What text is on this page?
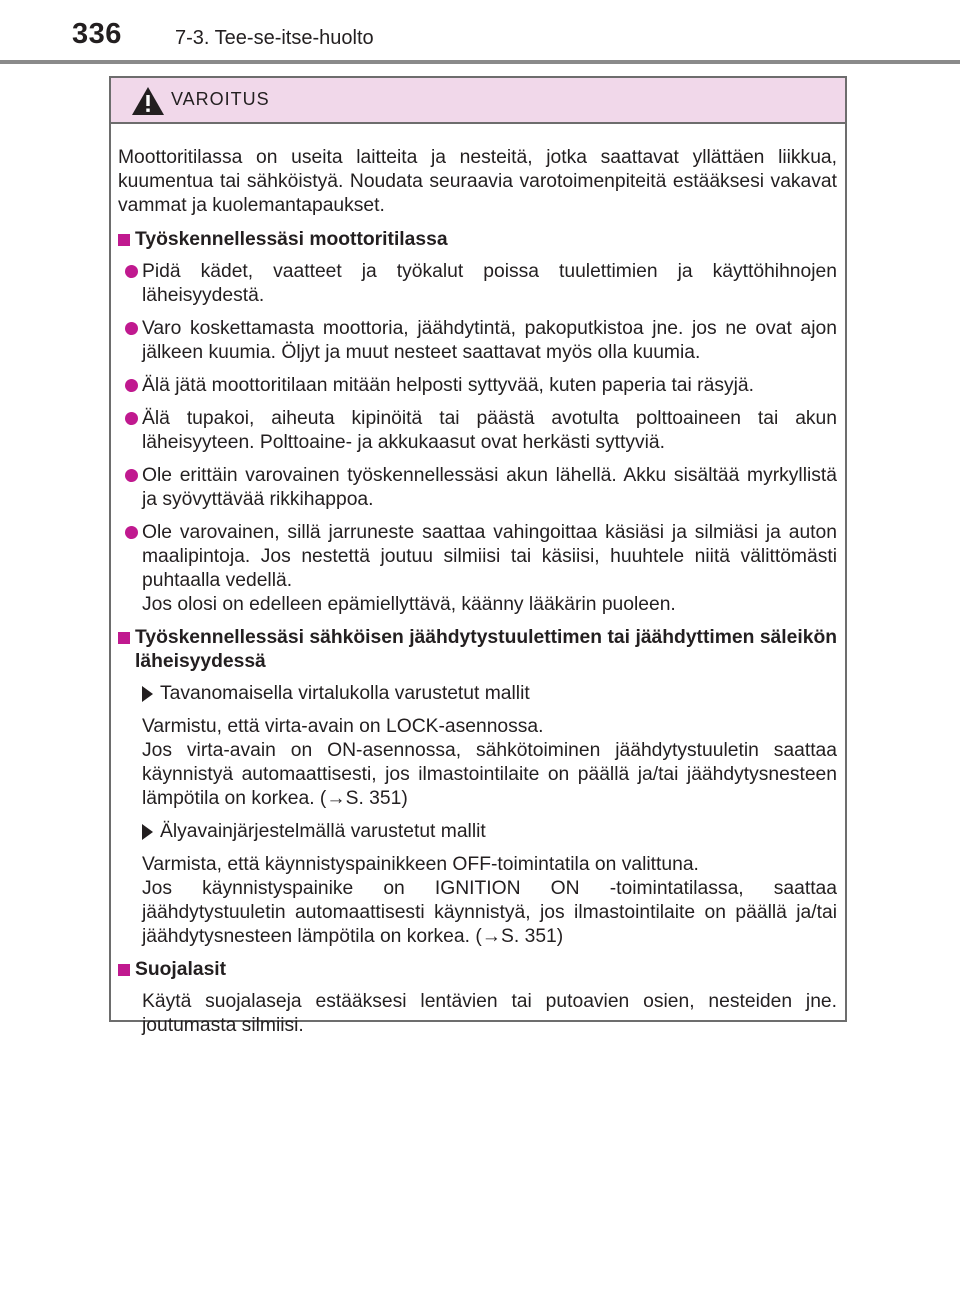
336	7-3. Tee-se-itse-huolto
VAROITUS

Moottoritilassa on useita laitteita ja nesteitä, jotka saattavat yllättäen liikkua, kuumentua tai sähköistyä. Noudata seuraavia varotoimenpiteitä estääksesi vakavat vammat ja kuolemantapaukset.

Työskennellessäsi moottoritilassa

Pidä kädet, vaatteet ja työkalut poissa tuulettimien ja käyttöhihnojen läheisyydestä.

Varo koskettamasta moottoria, jäähdytintä, pakoputkistoa jne. jos ne ovat ajon jälkeen kuumia. Öljyt ja muut nesteet saattavat myös olla kuumia.

Älä jätä moottoritilaan mitään helposti syttyvää, kuten paperia tai räsyjä.

Älä tupakoi, aiheuta kipinöitä tai päästä avotulta polttoaineen tai akun läheisyyteen. Polttoaine- ja akkukaasut ovat herkästi syttyviä.

Ole erittäin varovainen työskennellessäsi akun lähellä. Akku sisältää myrkyllistä ja syövyttävää rikkihappoa.

Ole varovainen, sillä jarruneste saattaa vahingoittaa käsiäsi ja silmiäsi ja auton maalipintoja. Jos nestettä joutuu silmiisi tai käsiisi, huuhtele niitä välittömästi puhtaalla vedellä.
Jos olosi on edelleen epämiellyttävä, käänny lääkärin puoleen.

Työskennellessäsi sähköisen jäähdytystuulettimen tai jäähdyttimen säleikön läheisyydessä

Tavanomaisella virtalukolla varustetut mallit

Varmistu, että virta-avain on LOCK-asennossa.
Jos virta-avain on ON-asennossa, sähkötoiminen jäähdytystuuletin saattaa käynnistyä automaattisesti, jos ilmastointilaite on päällä ja/tai jäähdytysnesteen lämpötila on korkea. (→S. 351)

Älyavainjärjestelmällä varustetut mallit

Varmista, että käynnistyspainikkeen OFF-toimintatila on valittuna.
Jos käynnistyspainike on IGNITION ON -toimintatilassa, saattaa jäähdytystuuletin automaattisesti käynnistyä, jos ilmastointilaite on päällä ja/tai jäähdytysnesteen lämpötila on korkea. (→S. 351)

Suojalasit

Käytä suojalaseja estääksesi lentävien tai putoavien osien, nesteiden jne. joutumasta silmiisi.
